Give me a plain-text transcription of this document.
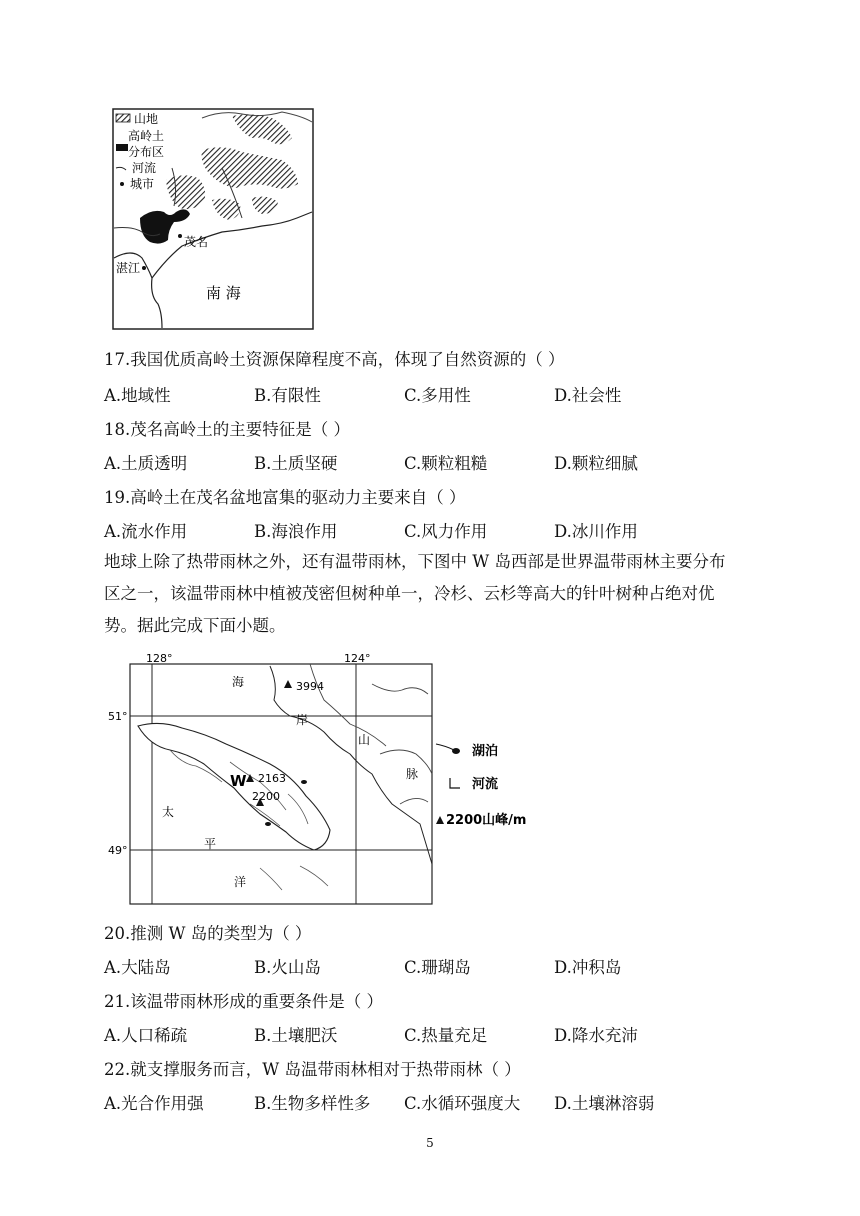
茂名
湛江
南 海
山地
高岭土
分布区
河流
城市
17.我国优质高岭土资源保障程度不高，体现了自然资源的（ ）
A.地域性	B.有限性	C.多用性	D.社会性
18.茂名高岭土的主要特征是（ ）
A.土质透明	B.土质坚硬	C.颗粒粗糙	D.颗粒细腻
19.高岭土在茂名盆地富集的驱动力主要来自（ ）
A.流水作用	B.海浪作用	C.风力作用	D.冰川作用
地球上除了热带雨林之外，还有温带雨林，下图中 W 岛西部是世界温带雨林主要分布
区之一，该温带雨林中植被茂密但树种单一，冷杉、云杉等高大的针叶树种占绝对优
势。据此完成下面小题。
128°	124°
51°
49°
3994
2163
2200
W
海
岸
山
脉
太
平
洋
湖泊
河流
2200山峰/m
20.推测 W 岛的类型为（ ）
A.大陆岛	B.火山岛	C.珊瑚岛	D.冲积岛
21.该温带雨林形成的重要条件是（ ）
A.人口稀疏	B.土壤肥沃	C.热量充足	D.降水充沛
22.就支撑服务而言，W 岛温带雨林相对于热带雨林（ ）
A.光合作用强	B.生物多样性多 C.水循环强度大 D.土壤淋溶弱
5
